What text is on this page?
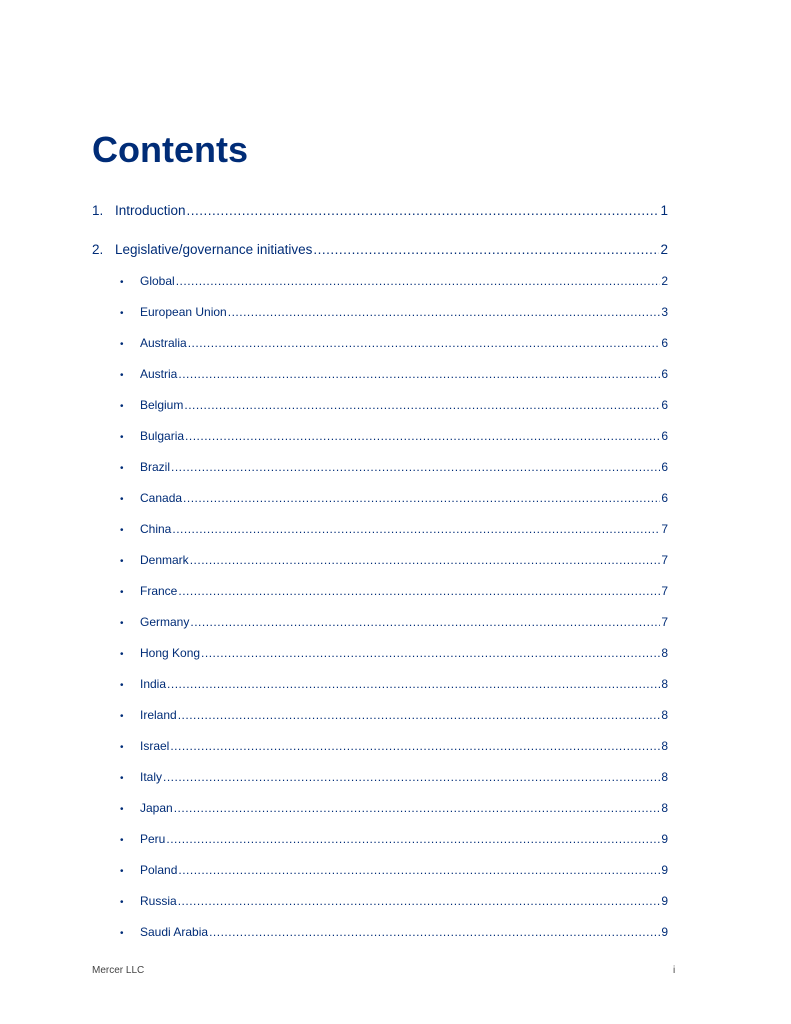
Contents
1. Introduction .....	1
2. Legislative/governance initiatives .....	2
•	Global .....	2
•	European Union .....	3
•	Australia .....	6
•	Austria .....	6
•	Belgium .....	6
•	Bulgaria .....	6
•	Brazil .....	6
•	Canada .....	6
•	China .....	7
•	Denmark .....	7
•	France .....	7
•	Germany .....	7
•	Hong Kong .....	8
•	India .....	8
•	Ireland .....	8
•	Israel .....	8
•	Italy .....	8
•	Japan .....	8
•	Peru .....	9
•	Poland .....	9
•	Russia .....	9
•	Saudi Arabia .....	9
Mercer LLC	i
